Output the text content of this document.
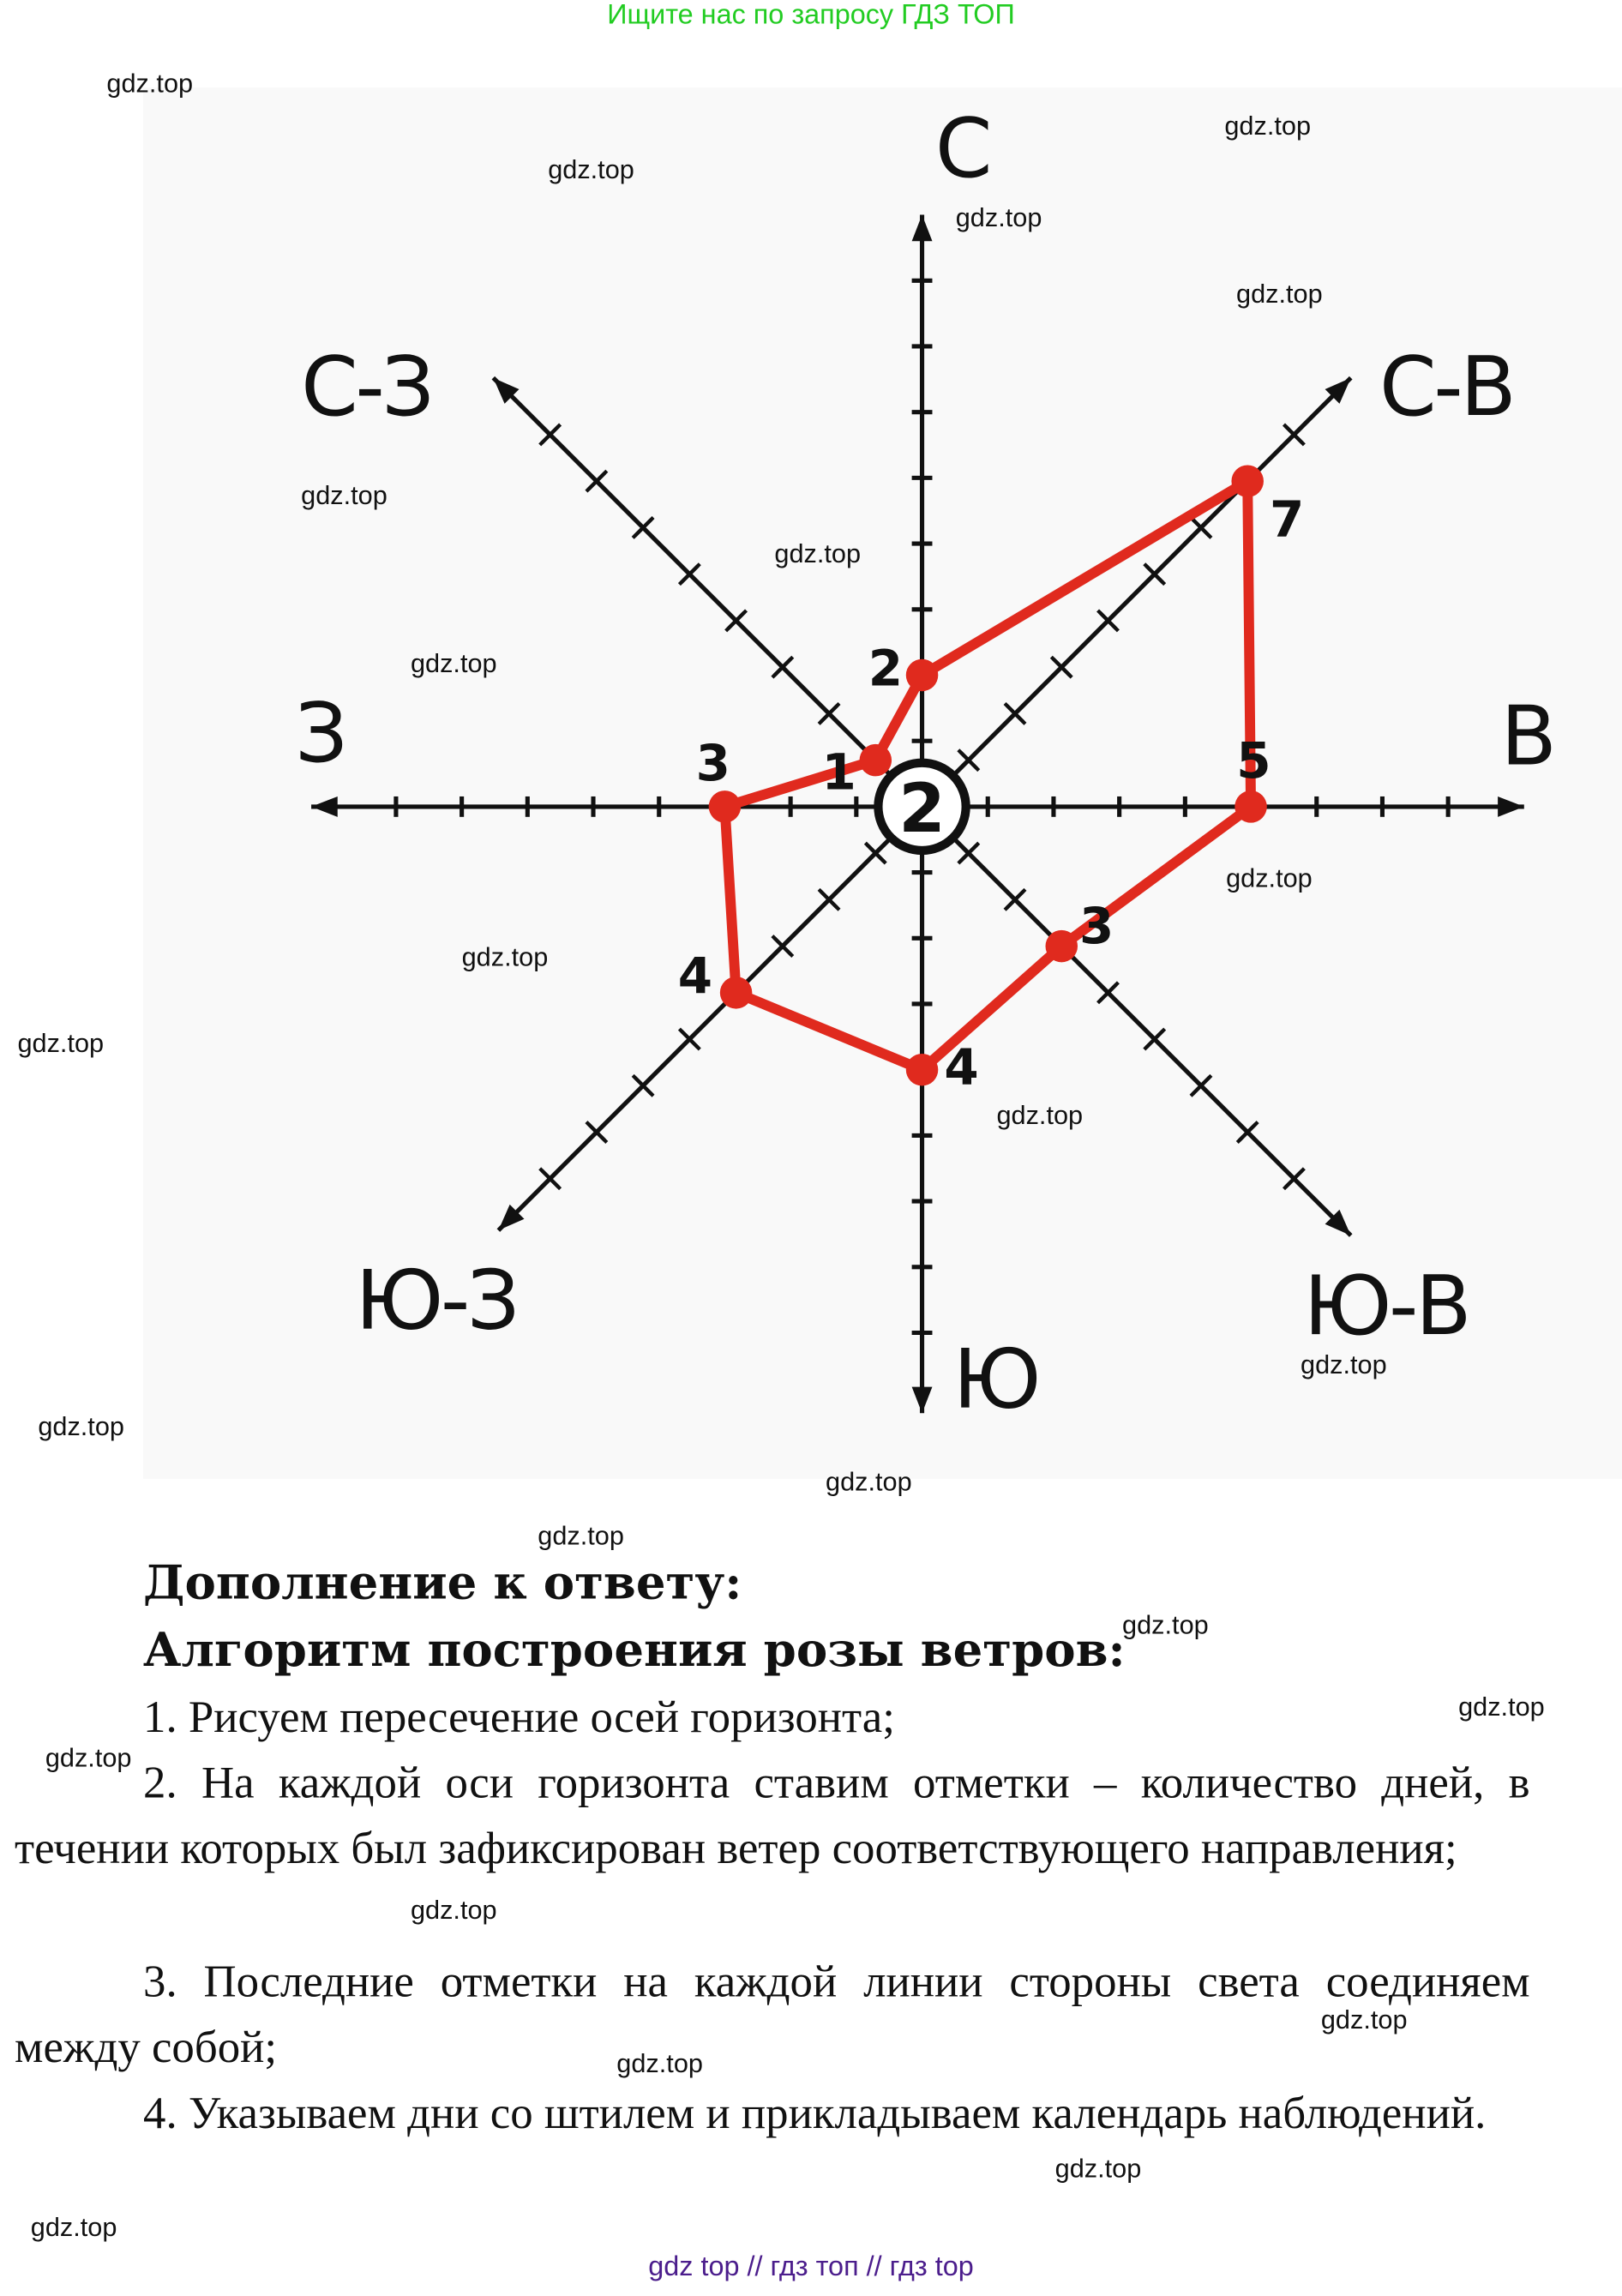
Ищите нас по запросу ГДЗ ТОП
2
7
5
3
4
4
3	1 2
С
С-В
В
Ю-В
Ю
Ю-З
З
С-З
Дополнение к ответу:
Алгоритм построения розы ветров:
1. Рисуем пересечение осей горизонта;
2. На каждой оси горизонта ставим отметки – количество дней, в течении которых был зафиксирован ветер соответствующего направления;
3. Последние отметки на каждой линии стороны света соединяем между собой;
4. Указываем дни со штилем и прикладываем календарь наблюдений.
gdz.top
gdz.top
gdz.top
gdz.top
gdz.top
gdz.top
gdz.top
gdz.top
gdz.top
gdz.top
gdz.top
gdz.top
gdz.top
gdz.top
gdz.top
gdz.top
gdz.top
gdz.top
gdz.top
gdz.top
gdz.top
gdz.top
gdz.top
gdz.top
gdz top // гдз топ // гдз top
